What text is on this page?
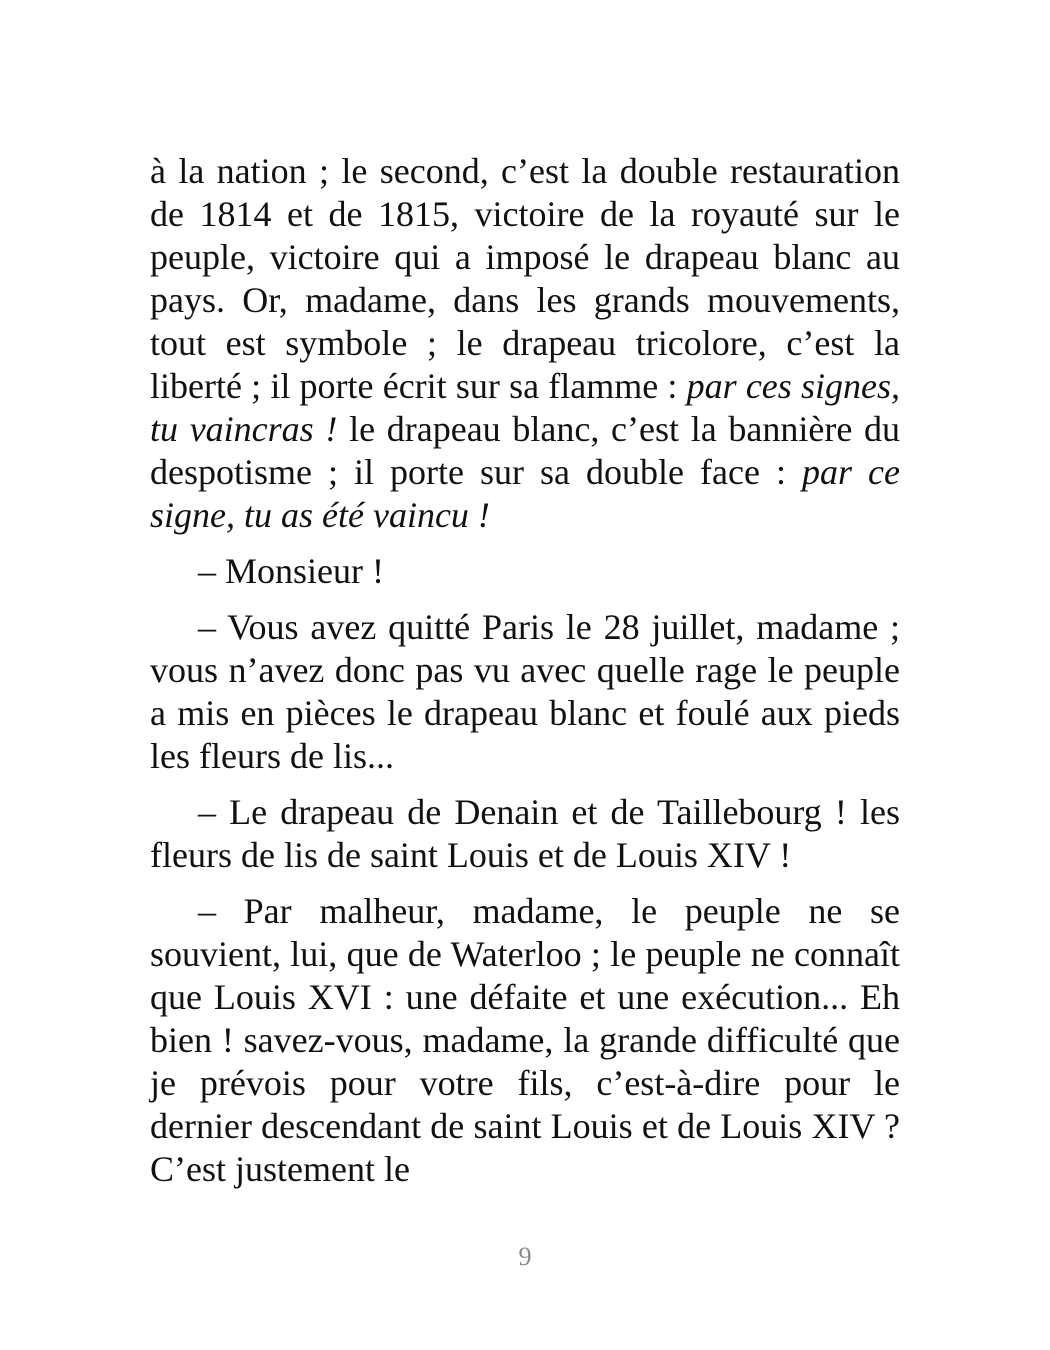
à la nation ; le second, c’est la double restauration de 1814 et de 1815, victoire de la royauté sur le peuple, victoire qui a imposé le drapeau blanc au pays. Or, madame, dans les grands mouvements, tout est symbole ; le drapeau tricolore, c’est la liberté ; il porte écrit sur sa flamme : par ces signes, tu vaincras ! le drapeau blanc, c’est la bannière du despotisme ; il porte sur sa double face : par ce signe, tu as été vaincu !

– Monsieur !

– Vous avez quitté Paris le 28 juillet, madame ; vous n’avez donc pas vu avec quelle rage le peuple a mis en pièces le drapeau blanc et foulé aux pieds les fleurs de lis...

– Le drapeau de Denain et de Taillebourg ! les fleurs de lis de saint Louis et de Louis XIV !

– Par malheur, madame, le peuple ne se souvient, lui, que de Waterloo ; le peuple ne connaît que Louis XVI : une défaite et une exécution... Eh bien ! savez-vous, madame, la grande difficulté que je prévois pour votre fils, c’est-à-dire pour le dernier descendant de saint Louis et de Louis XIV ? C’est justement le

9
